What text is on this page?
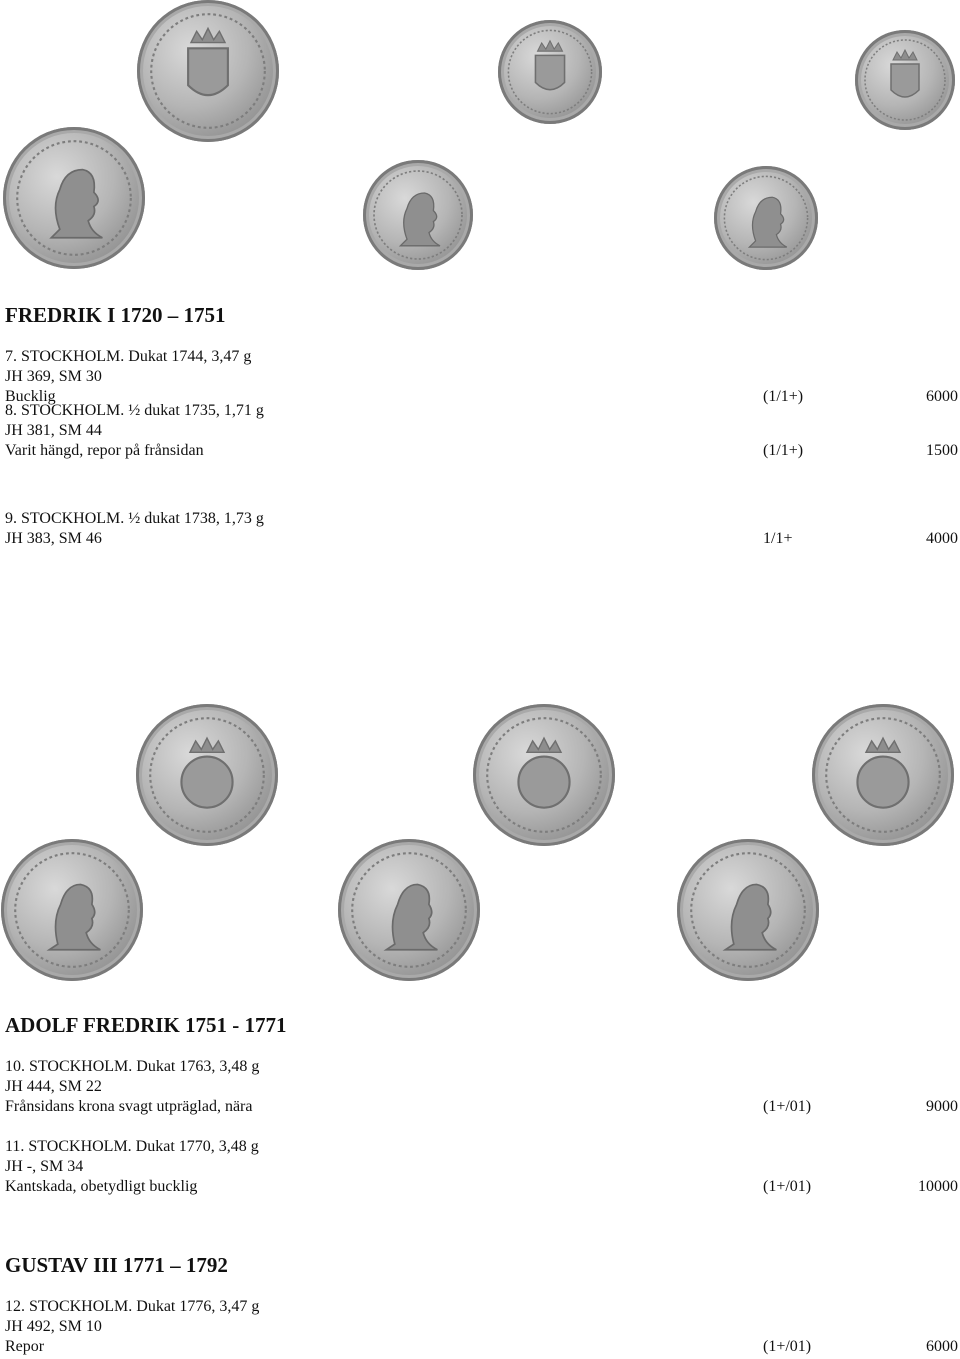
FREDRIK I 1720 – 1751
7. STOCKHOLM. Dukat 1744, 3,47 g
JH 369, SM 30
Bucklig	(1/1+)	6000
8. STOCKHOLM. ½ dukat 1735, 1,71 g
JH 381, SM 44
Varit hängd, repor på frånsidan	(1/1+)	1500
9. STOCKHOLM. ½ dukat 1738, 1,73 g
JH 383, SM 46	1/1+	4000
ADOLF FREDRIK 1751 - 1771
10. STOCKHOLM. Dukat 1763, 3,48 g
JH 444, SM 22
Frånsidans krona svagt utpräglad, nära	(1+/01)	9000
11. STOCKHOLM. Dukat 1770, 3,48 g
JH -, SM 34
Kantskada, obetydligt bucklig	(1+/01)	10000
GUSTAV III 1771 – 1792
12. STOCKHOLM. Dukat 1776, 3,47 g
JH 492, SM 10
Repor	(1+/01)	6000
